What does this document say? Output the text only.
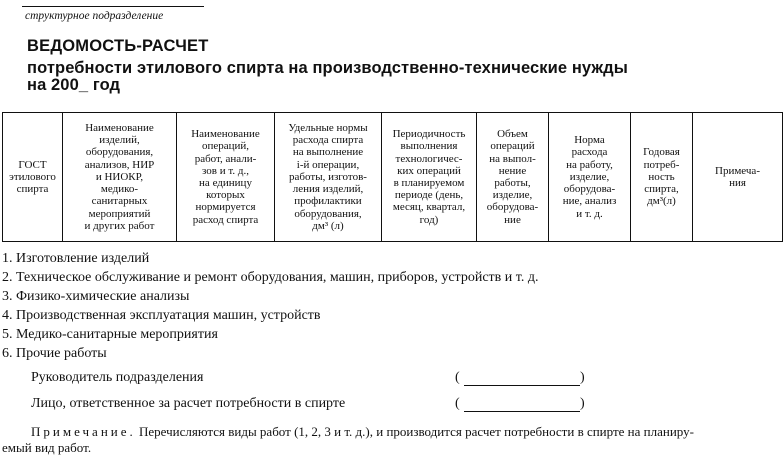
структурное подразделение
ВЕДОМОСТЬ-РАСЧЕТ
потребности этилового спирта на производственно-технические нужды
на 200_ год
ГОСТ
этилового
спирта	Наименование
изделий,
оборудования,
анализов, НИР
и НИОКР,
медико-
санитарных
мероприятий
и других работ	Наименование
операций,
работ, анали-
зов и т. д.,
на единицу
которых
нормируется
расход спирта	Удельные нормы
расхода спирта
на выполнение
i-й операции,
работы, изготов-
ления изделий,
профилактики
оборудования,
дм³ (л)	Периодичность
выполнения
технологичес-
ких операций
в планируемом
периоде (день,
месяц, квартал,
год)	Объем
операций
на выпол-
нение
работы,
изделие,
оборудова-
ние	Норма
расхода
на работу,
изделие,
оборудова-
ние, анализ
и т. д.	Годовая
потреб-
ность
спирта,
дм³(л)	Примеча-
ния
1. Изготовление изделий
2. Техническое обслуживание и ремонт оборудования, машин, приборов, устройств и т. д.
3. Физико-химические анализы
4. Производственная эксплуатация машин, устройств
5. Медико-санитарные мероприятия
6. Прочие работы
Руководитель подразделения	(	)
Лицо, ответственное за расчет потребности в спирте	(	)
Примечание. Перечисляются виды работ (1, 2, 3 и т. д.), и производится расчет потребности в спирте на планиру-
емый вид работ.
